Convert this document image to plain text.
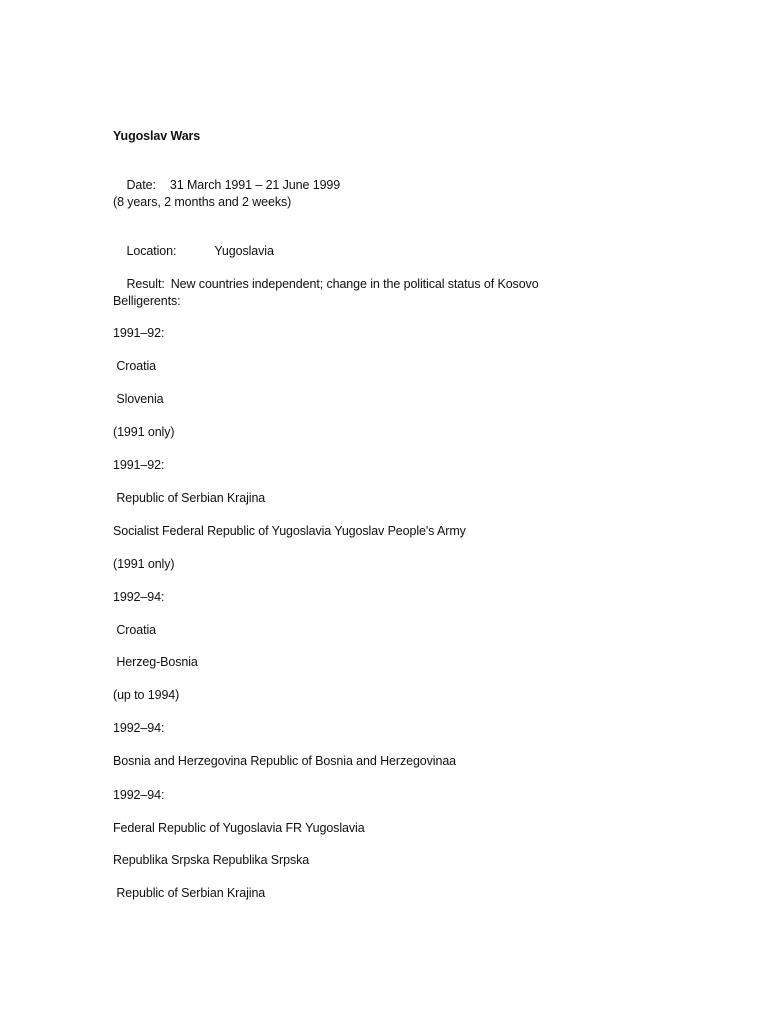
Yugoslav Wars

Date: 31 March 1991 – 21 June 1999

(8 years, 2 months and 2 weeks)

Location:	Yugoslavia

Result: New countries independent; change in the political status of Kosovo

Belligerents:
1991–92:
Croatia
Slovenia
(1991 only)
1991–92:
Republic of Serbian Krajina
Socialist Federal Republic of Yugoslavia Yugoslav People's Army
(1991 only)
1992–94:
Croatia
Herzeg-Bosnia
(up to 1994)
1992–94:
Bosnia and Herzegovina Republic of Bosnia and Herzegovinaa
1992–94:
Federal Republic of Yugoslavia FR Yugoslavia
Republika Srpska Republika Srpska
Republic of Serbian Krajina
